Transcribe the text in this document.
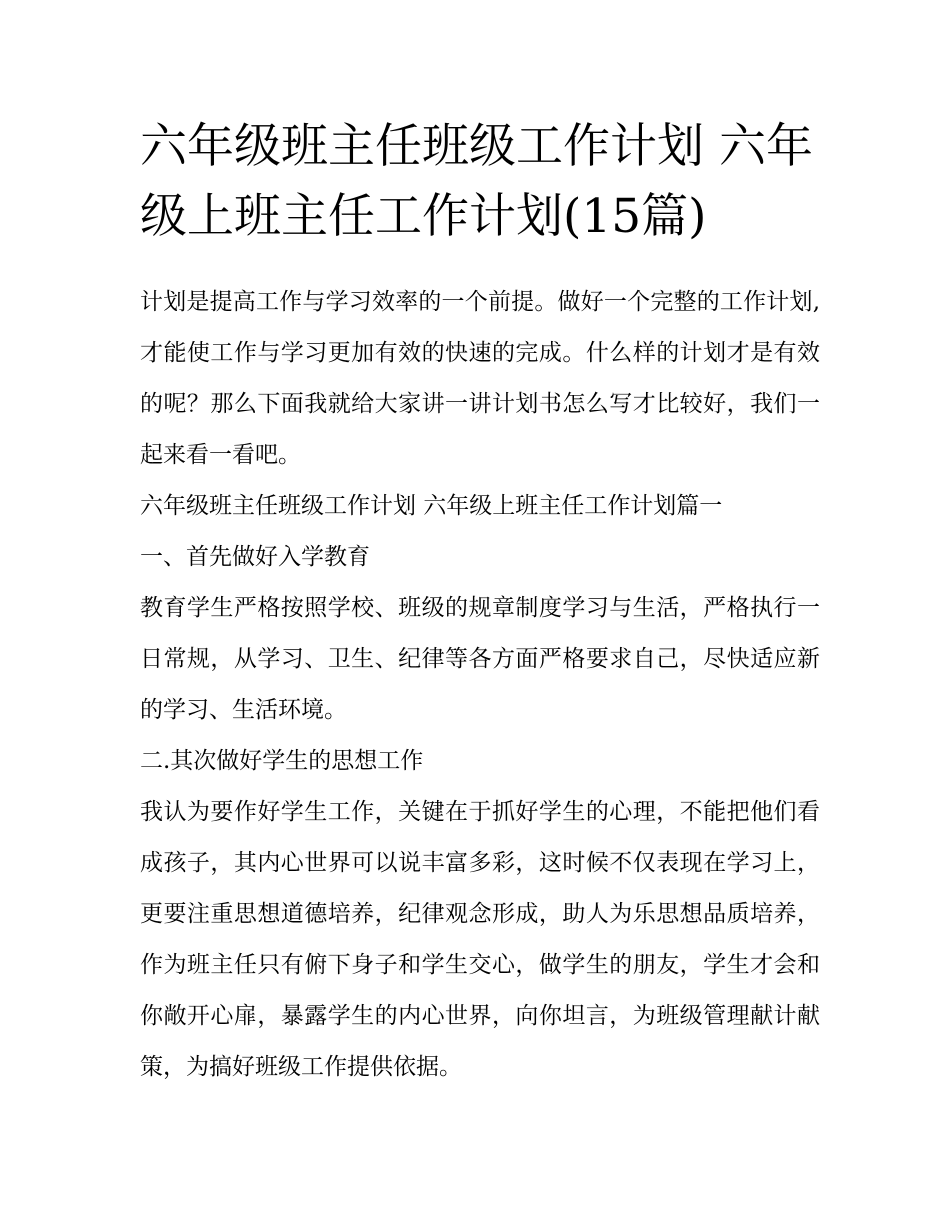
六年级班主任班级工作计划 六年级上班主任工作计划(15篇)

计划是提高工作与学习效率的一个前提。做好一个完整的工作计划,才能使工作与学习更加有效的快速的完成。什么样的计划才是有效的呢？那么下面我就给大家讲一讲计划书怎么写才比较好，我们一起来看一看吧。

六年级班主任班级工作计划 六年级上班主任工作计划篇一

一、首先做好入学教育

教育学生严格按照学校、班级的规章制度学习与生活，严格执行一日常规，从学习、卫生、纪律等各方面严格要求自己，尽快适应新的学习、生活环境。

二.其次做好学生的思想工作

我认为要作好学生工作，关键在于抓好学生的心理，不能把他们看成孩子，其内心世界可以说丰富多彩，这时候不仅表现在学习上，更要注重思想道德培养，纪律观念形成，助人为乐思想品质培养，作为班主任只有俯下身子和学生交心，做学生的朋友，学生才会和你敞开心扉，暴露学生的内心世界，向你坦言，为班级管理献计献策，为搞好班级工作提供依据。
